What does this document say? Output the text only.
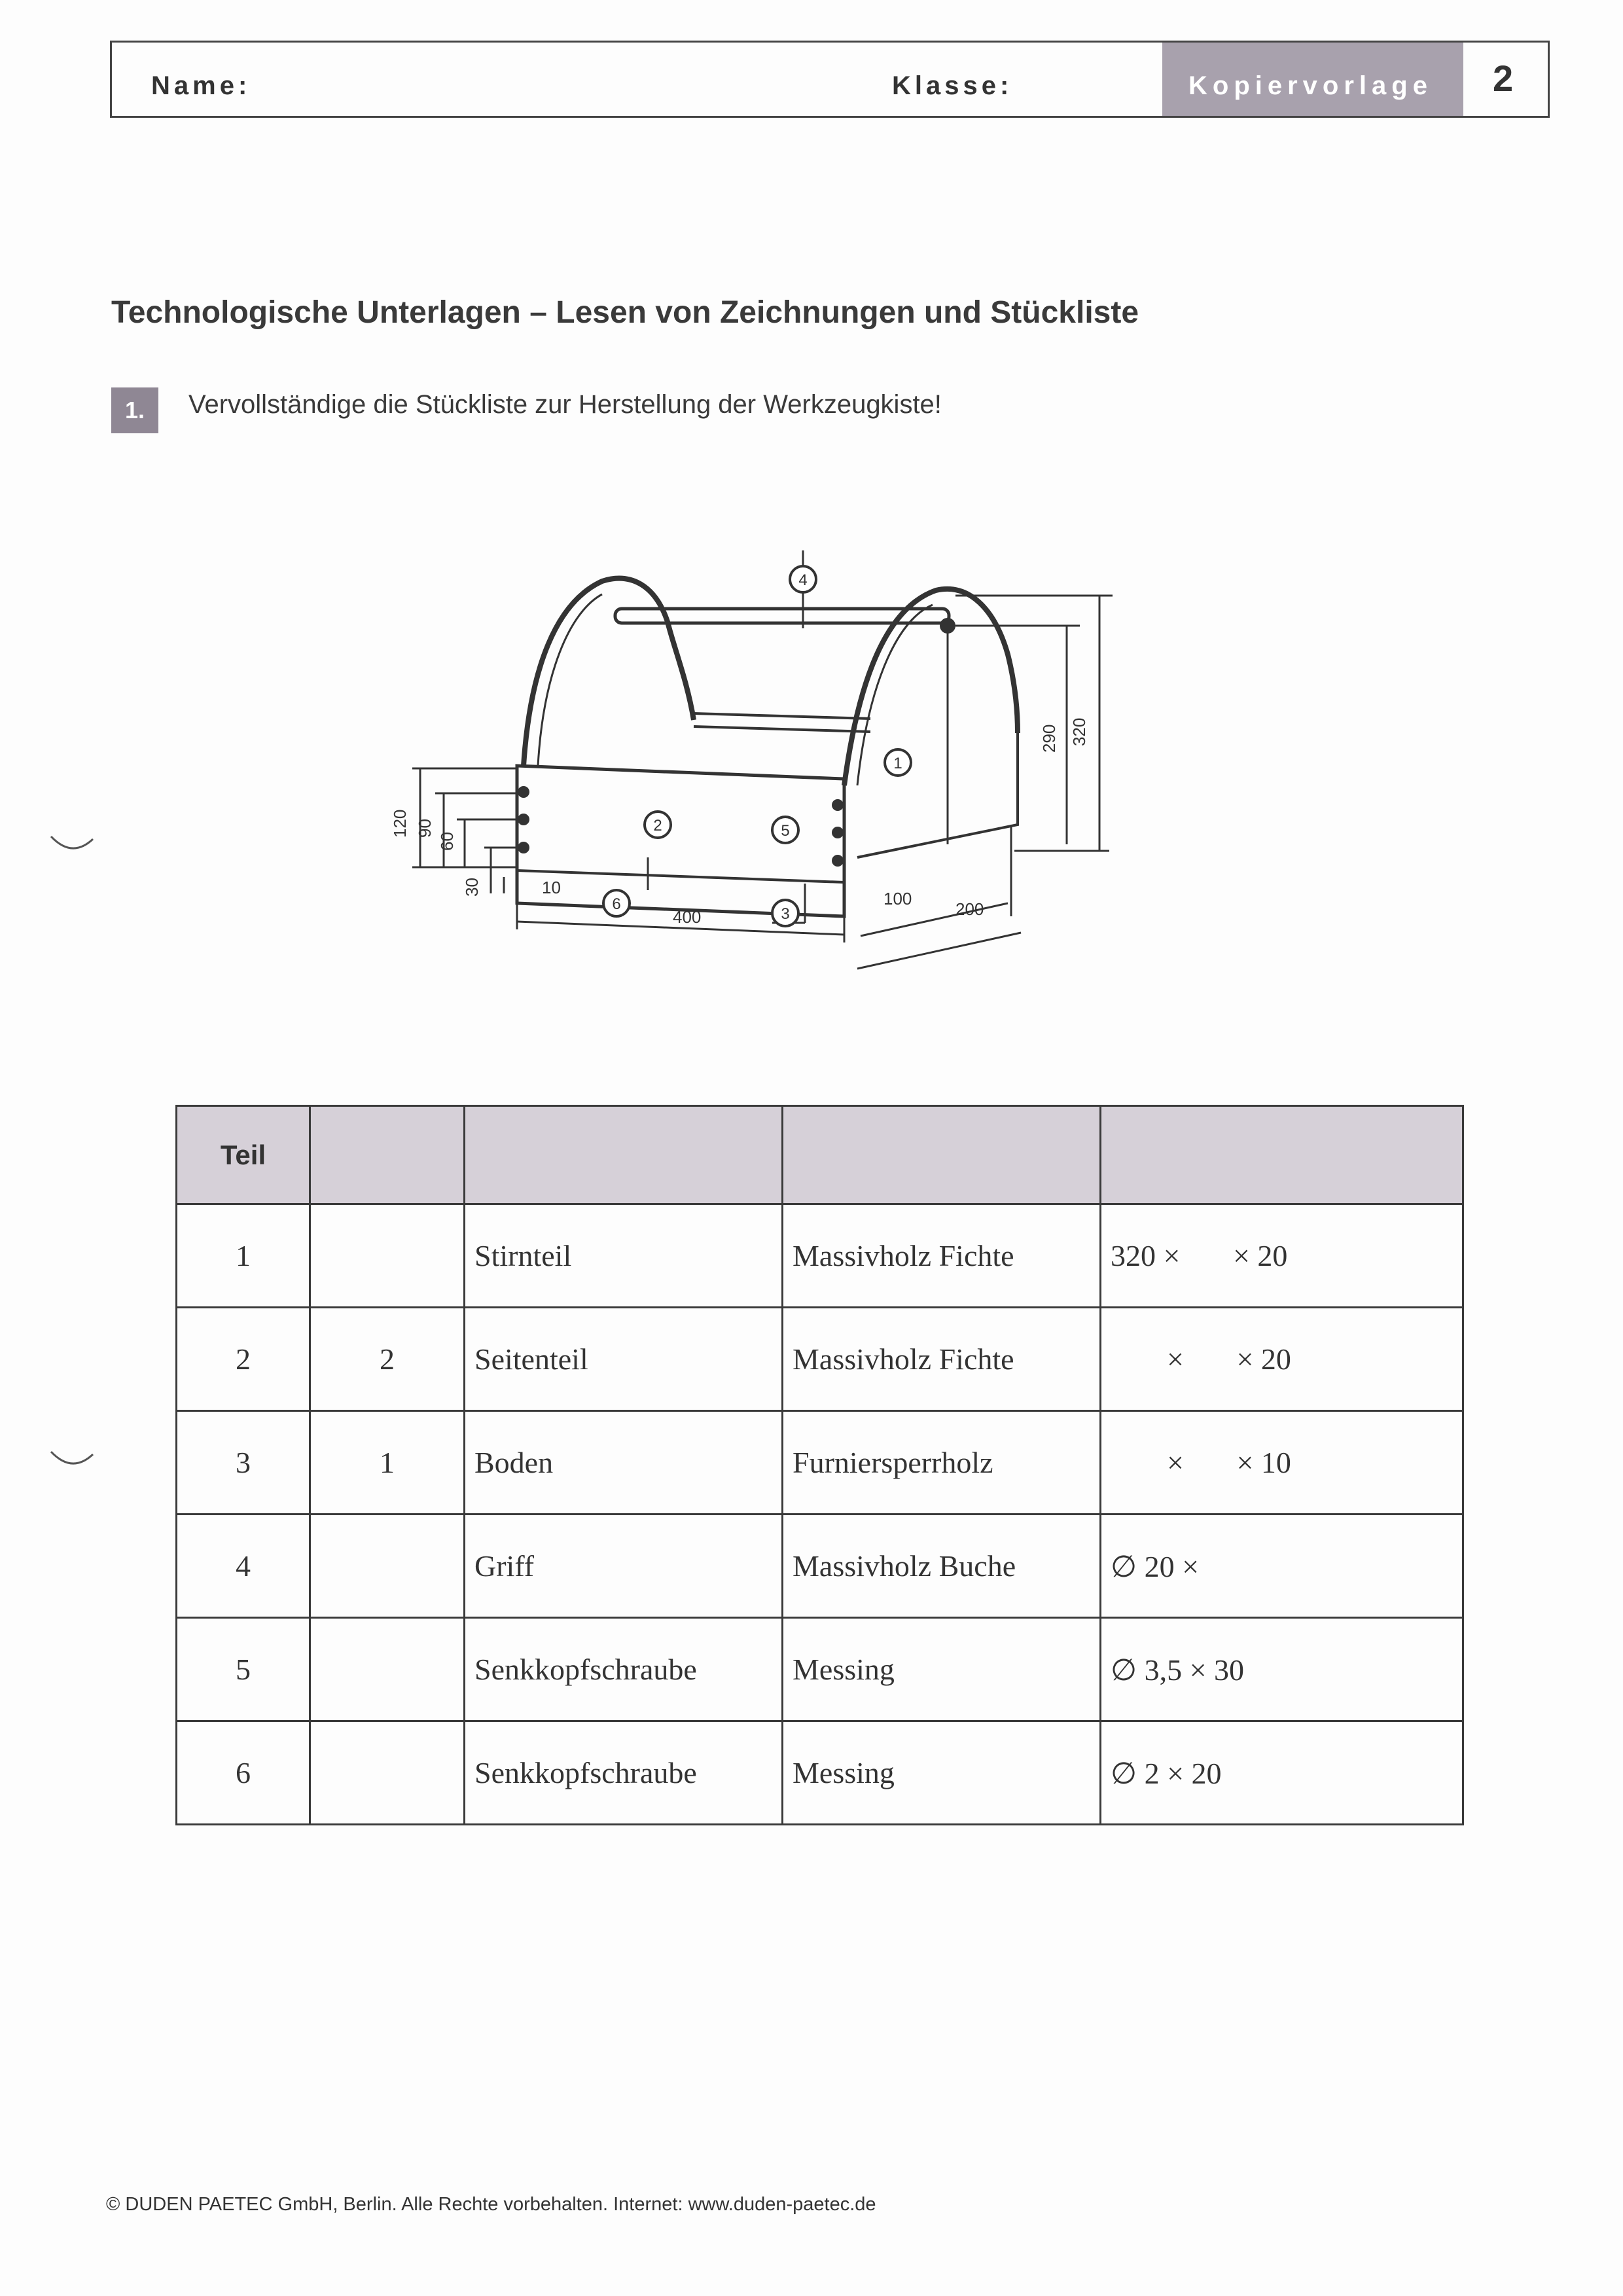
Name:	Klasse:	Kopiervorlage 2
Technologische Unterlagen – Lesen von Zeichnungen und Stückliste
1.	Vervollständige die Stückliste zur Herstellung der Werkzeugkiste!
120 90
60
30	10
400
100
200
290 320
1
2
3
4
5
6
Teil				
1		Stirnteil	Massivholz Fichte	320 ×       × 20
2	2	Seitenteil	Massivholz Fichte	×       × 20
3	1	Boden	Furniersperrholz	×       × 10
4		Griff	Massivholz Buche	∅ 20 ×
5		Senkkopfschraube	Messing	∅ 3,5 × 30
6		Senkkopfschraube	Messing	∅ 2 × 20
© DUDEN PAETEC GmbH, Berlin. Alle Rechte vorbehalten. Internet: www.duden-paetec.de
